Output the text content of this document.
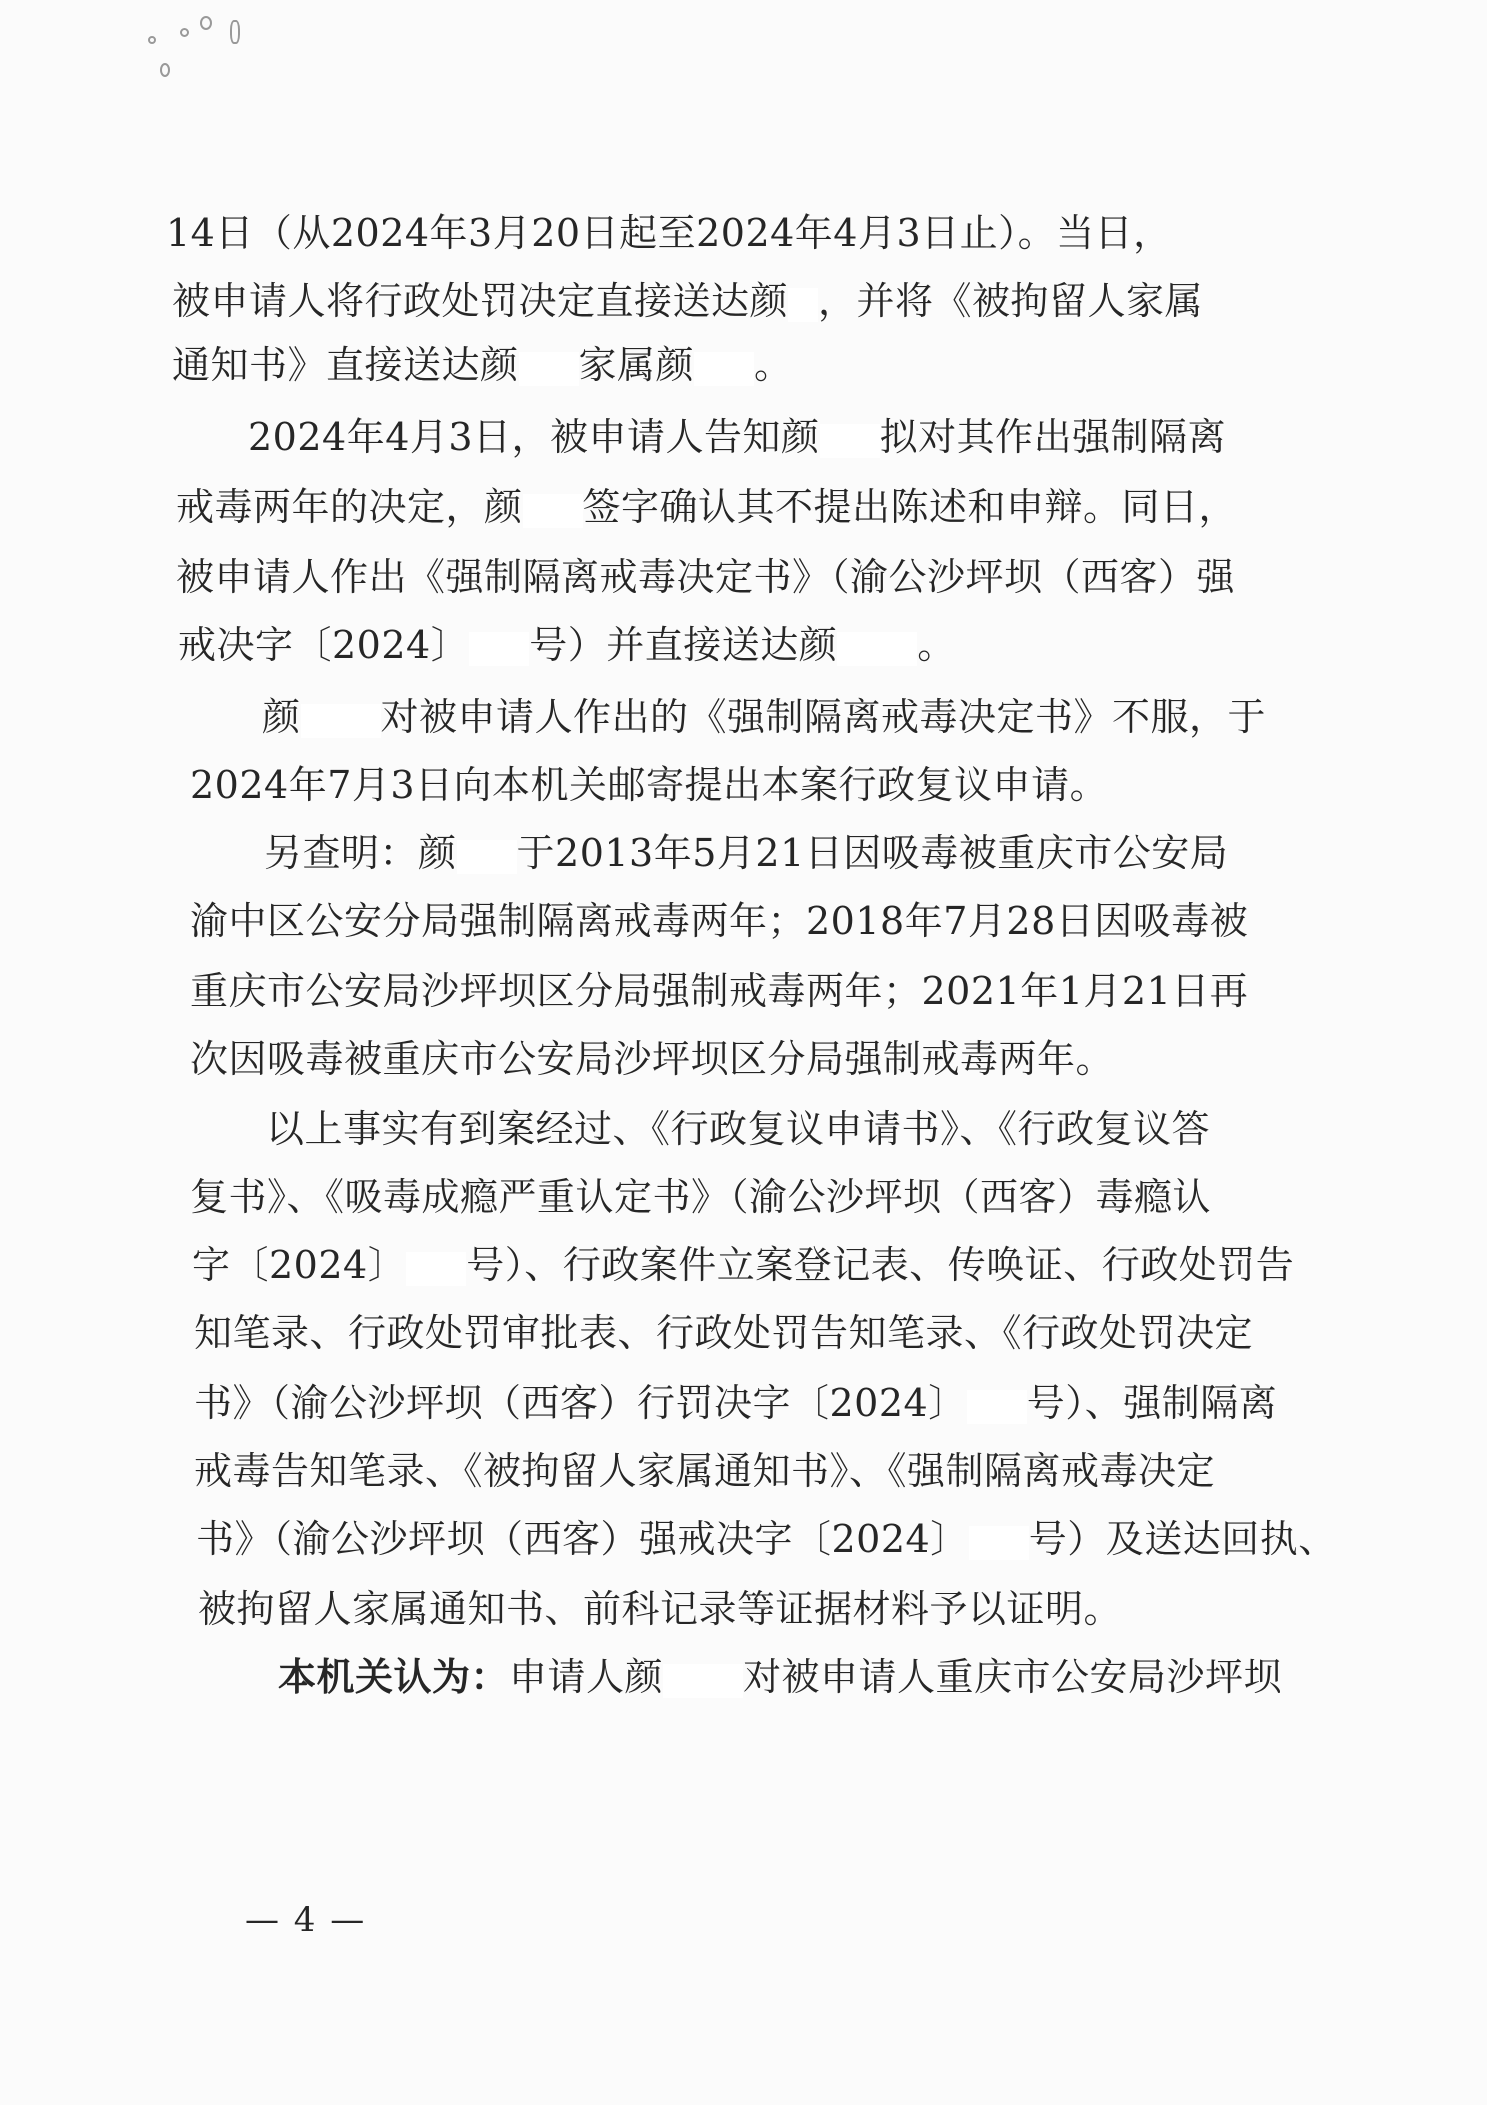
14日（从2024年3月20日起至2024年4月3日止）。当日，
被申请人将行政处罚决定直接送达颜 ，并将《被拘留人家属
通知书》直接送达颜 家属颜 。
2024年4月3日，被申请人告知颜 拟对其作出强制隔离
戒毒两年的决定，颜 签字确认其不提出陈述和申辩。同日，
被申请人作出《强制隔离戒毒决定书》（渝公沙坪坝（西客）强
戒决字〔2024〕 号）并直接送达颜 。
颜 对被申请人作出的《强制隔离戒毒决定书》不服，于
2024年7月3日向本机关邮寄提出本案行政复议申请。
另查明：颜 于2013年5月21日因吸毒被重庆市公安局
渝中区公安分局强制隔离戒毒两年；2018年7月28日因吸毒被
重庆市公安局沙坪坝区分局强制戒毒两年；2021年1月21日再
次因吸毒被重庆市公安局沙坪坝区分局强制戒毒两年。
以上事实有到案经过、《行政复议申请书》、《行政复议答
复书》、《吸毒成瘾严重认定书》（渝公沙坪坝（西客）毒瘾认
字〔2024〕 号）、行政案件立案登记表、传唤证、行政处罚告
知笔录、行政处罚审批表、行政处罚告知笔录、《行政处罚决定
书》（渝公沙坪坝（西客）行罚决字〔2024〕 号）、强制隔离
戒毒告知笔录、《被拘留人家属通知书》、《强制隔离戒毒决定
书》（渝公沙坪坝（西客）强戒决字〔2024〕 号）及送达回执、
被拘留人家属通知书、前科记录等证据材料予以证明。
本机关认为：申请人颜 对被申请人重庆市公安局沙坪坝
— 4 —
